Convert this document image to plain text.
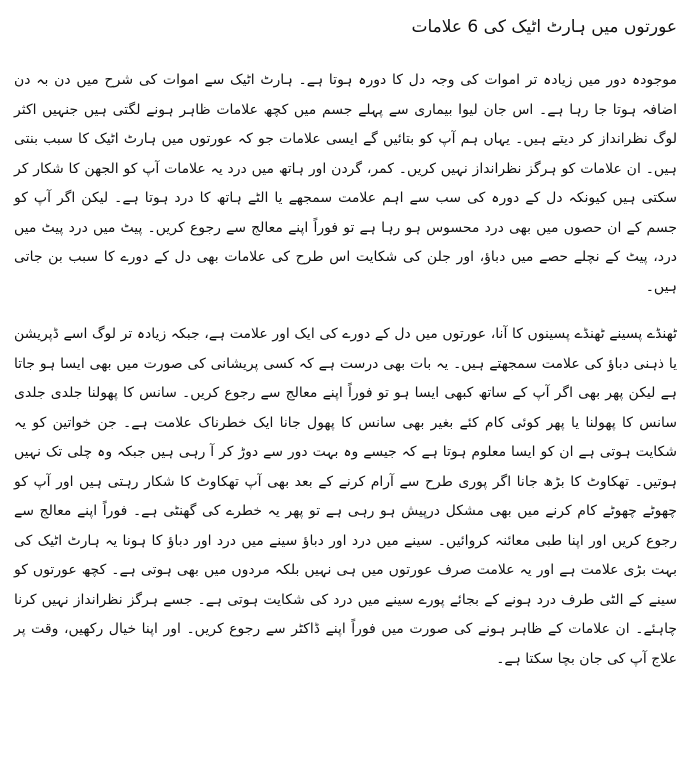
عورتوں میں ہارٹ اٹیک کی 6 علامات

موجودہ دور میں زیادہ تر اموات کی وجہ دل کا دورہ ہوتا ہے۔ ہارٹ اٹیک سے اموات کی شرح میں دن بہ دن اضافہ ہوتا جا رہا ہے۔ اس جان لیوا بیماری سے پہلے جسم میں کچھ علامات ظاہر ہونے لگتی ہیں جنہیں اکثر لوگ نظرانداز کر دیتے ہیں۔ یہاں ہم آپ کو بتائیں گے ایسی علامات جو کہ عورتوں میں ہارٹ اٹیک کا سبب بنتی ہیں۔ ان علامات کو ہرگز نظرانداز نہیں کریں۔ کمر، گردن اور ہاتھ میں درد یہ علامات آپ کو الجھن کا شکار کر سکتی ہیں کیونکہ دل کے دورہ کی سب سے اہم علامت سمجھے یا الٹے ہاتھ کا درد ہوتا ہے۔ لیکن اگر آپ کو جسم کے ان حصوں میں بھی درد محسوس ہو رہا ہے تو فوراً اپنے معالج سے رجوع کریں۔ پیٹ میں درد پیٹ میں درد، پیٹ کے نچلے حصے میں دباؤ، اور جلن کی شکایت اس طرح کی علامات بھی دل کے دورے کا سبب بن جاتی ہیں۔

ٹھنڈے پسینے ٹھنڈے پسینوں کا آنا، عورتوں میں دل کے دورے کی ایک اور علامت ہے، جبکہ زیادہ تر لوگ اسے ڈپریشن یا ذہنی دباؤ کی علامت سمجھتے ہیں۔ یہ بات بھی درست ہے کہ کسی پریشانی کی صورت میں بھی ایسا ہو جاتا ہے لیکن پھر بھی اگر آپ کے ساتھ کبھی ایسا ہو تو فوراً اپنے معالج سے رجوع کریں۔ سانس کا پھولنا جلدی جلدی سانس کا پھولنا یا پھر کوئی کام کئے بغیر بھی سانس کا پھول جانا ایک خطرناک علامت ہے۔ جن خواتین کو یہ شکایت ہوتی ہے ان کو ایسا معلوم ہوتا ہے کہ جیسے وہ بہت دور سے دوڑ کر آ رہی ہیں جبکہ وہ چلی تک نہیں ہوتیں۔ تھکاوٹ کا بڑھ جانا اگر پوری طرح سے آرام کرنے کے بعد بھی آپ تھکاوٹ کا شکار رہتی ہیں اور آپ کو چھوٹے چھوٹے کام کرنے میں بھی مشکل درپیش ہو رہی ہے تو پھر یہ خطرے کی گھنٹی ہے۔ فوراً اپنے معالج سے رجوع کریں اور اپنا طبی معائنہ کروائیں۔ سینے میں درد اور دباؤ سینے میں درد اور دباؤ کا ہونا یہ ہارٹ اٹیک کی بہت بڑی علامت ہے اور یہ علامت صرف عورتوں میں ہی نہیں بلکہ مردوں میں بھی ہوتی ہے۔ کچھ عورتوں کو سینے کے الٹی طرف درد ہونے کے بجائے پورے سینے میں درد کی شکایت ہوتی ہے۔ جسے ہرگز نظرانداز نہیں کرنا چاہئے۔ ان علامات کے ظاہر ہونے کی صورت میں فوراً اپنے ڈاکٹر سے رجوع کریں۔ اور اپنا خیال رکھیں، وقت پر علاج آپ کی جان بچا سکتا ہے۔
